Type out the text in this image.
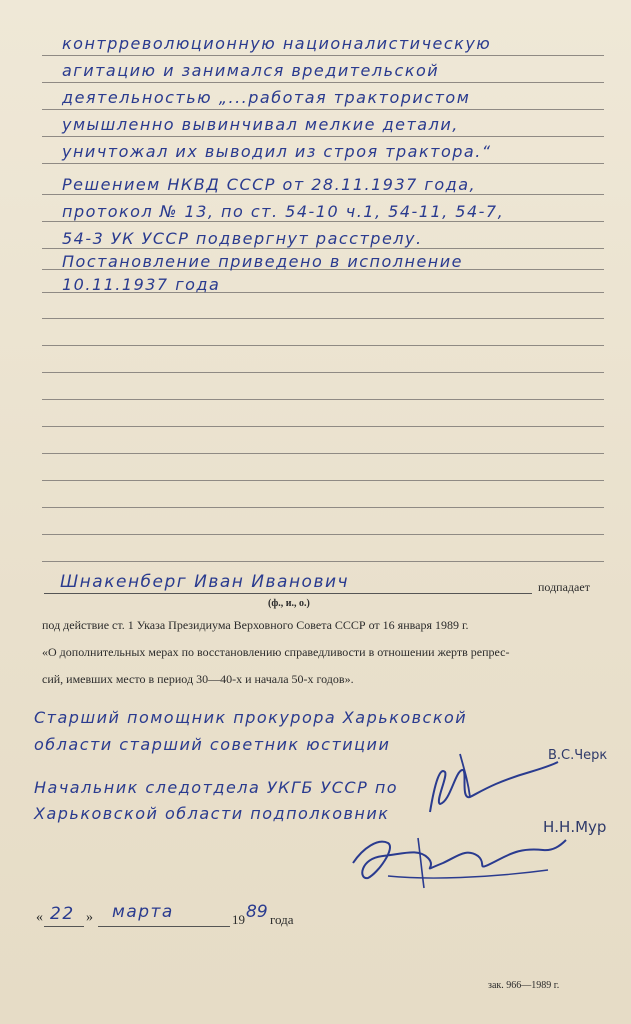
контрреволюционную националистическую
агитацию и занимался вредительской
деятельностью „...работая трактористом
умышленно вывинчивал мелкие детали,
уничтожал их выводил из строя трактора.“
Решением НКВД СССР от 28.11.1937 года,
протокол № 13, по ст. 54-10 ч.1, 54-11, 54-7,
54-3 УК УССР подвергнут расстрелу.
Постановление приведено в исполнение
10.11.1937 года
Шнакенберг Иван Иванович	подпадает
(ф., и., о.)
под действие ст. 1 Указа Президиума Верховного Совета СССР от 16 января 1989 г.
«О дополнительных мерах по восстановлению справедливости в отношении жертв репрес-
сий, имевших место в период 30—40-х и начала 50-х годов».
Старший помощник прокурора Харьковской
области старший советник юстиции
Начальник следотдела УКГБ УССР по
Харьковской области подполковник
В.С.Черк
Н.Н.Мур
« 22 » марта	19 89 года
зак. 966—1989 г.
